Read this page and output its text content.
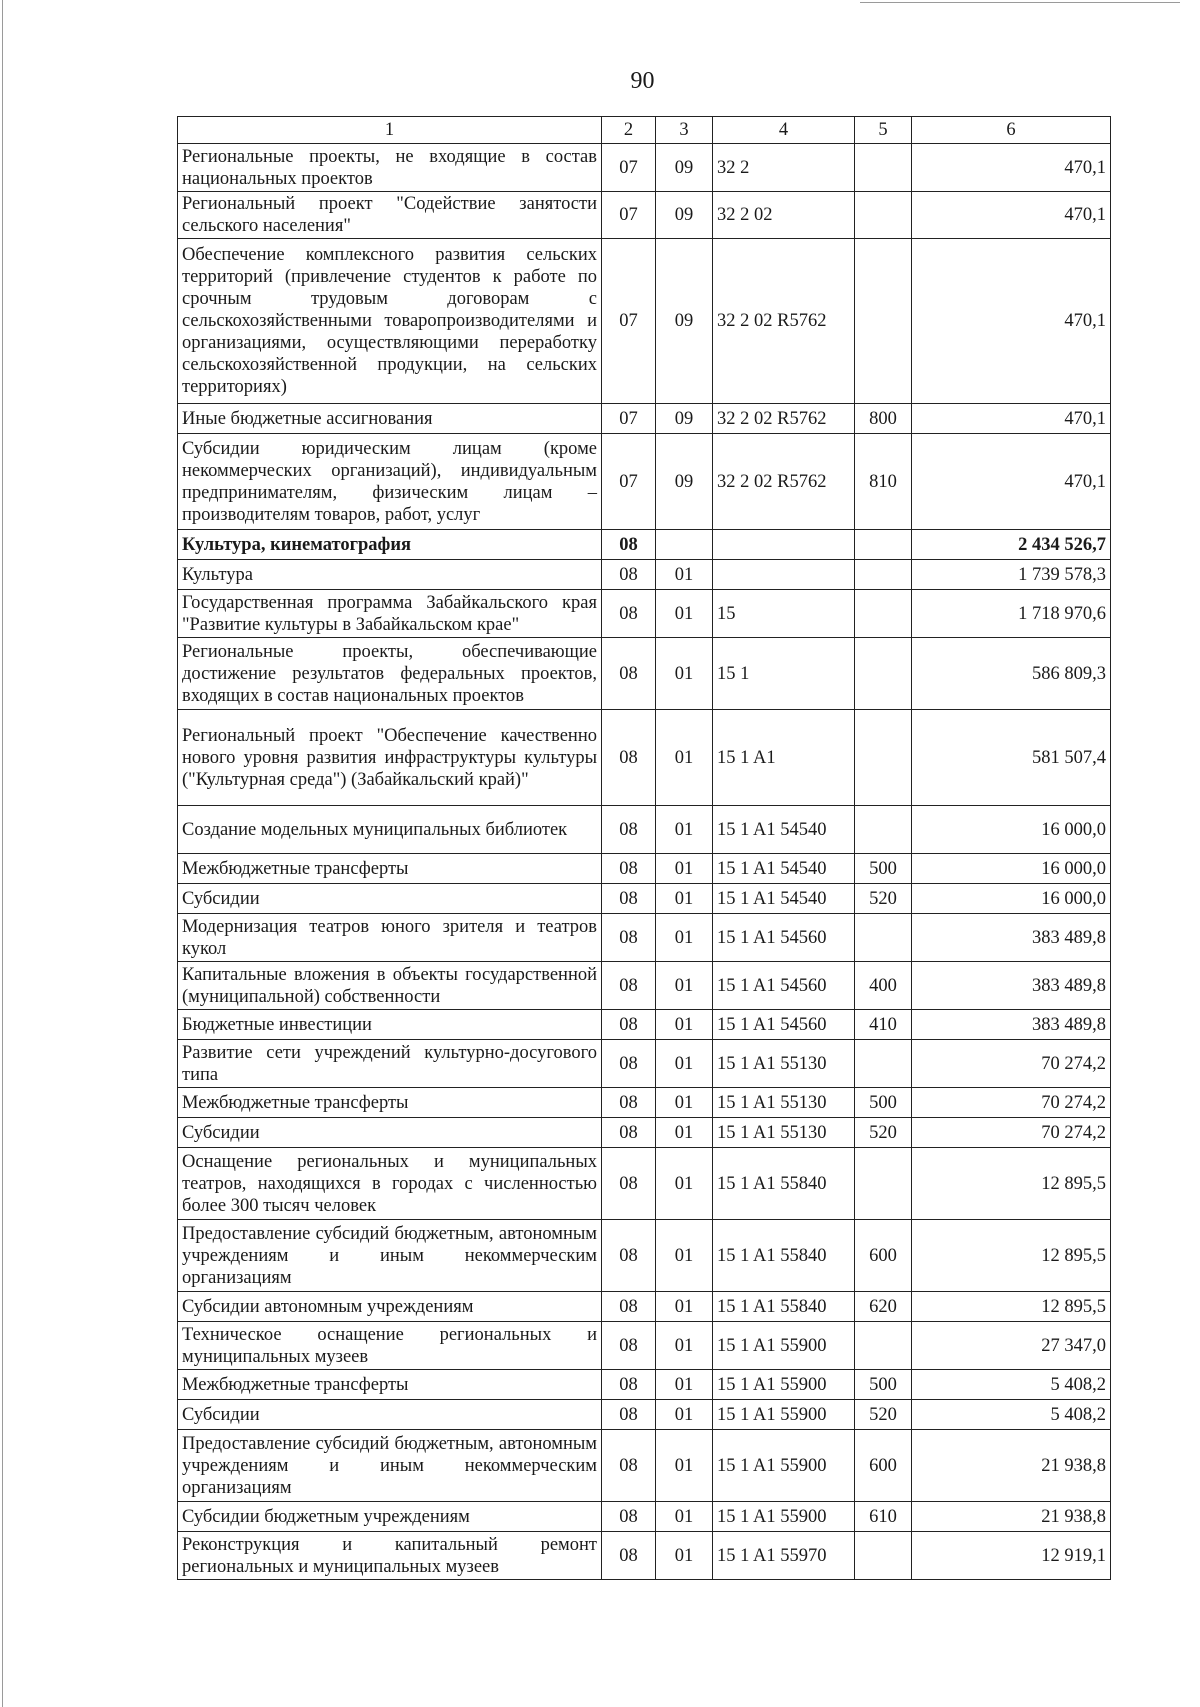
90
1	2	3	4	5	6
Региональные проекты, не входящие в состав национальных проектов	07	09	32 2		470,1
Региональный проект "Содействие занятости сельского населения"	07	09	32 2 02		470,1
Обеспечение комплексного развития сельских территорий (привлечение студентов к работе по срочным трудовым договорам с сельскохозяйственными товаропроизводителями и организациями, осуществляющими переработку сельскохозяйственной продукции, на сельских территориях)	07	09	32 2 02 R5762		470,1
Иные бюджетные ассигнования	07	09	32 2 02 R5762	800	470,1
Субсидии юридическим лицам (кроме некоммерческих организаций), индивидуальным предпринимателям, физическим лицам – производителям товаров, работ, услуг	07	09	32 2 02 R5762	810	470,1
Культура, кинематография	08				2 434 526,7
Культура	08	01			1 739 578,3
Государственная программа Забайкальского края "Развитие культуры в Забайкальском крае"	08	01	15		1 718 970,6
Региональные проекты, обеспечивающие достижение результатов федеральных проектов, входящих в состав национальных проектов	08	01	15 1		586 809,3
Региональный проект "Обеспечение качественно нового уровня развития инфраструктуры культуры ("Культурная среда") (Забайкальский край)"	08	01	15 1 A1		581 507,4
Создание модельных муниципальных библиотек	08	01	15 1 A1 54540		16 000,0
Межбюджетные трансферты	08	01	15 1 A1 54540	500	16 000,0
Субсидии	08	01	15 1 A1 54540	520	16 000,0
Модернизация театров юного зрителя и театров кукол	08	01	15 1 A1 54560		383 489,8
Капитальные вложения в объекты государственной (муниципальной) собственности	08	01	15 1 A1 54560	400	383 489,8
Бюджетные инвестиции	08	01	15 1 A1 54560	410	383 489,8
Развитие сети учреждений культурно-досугового типа	08	01	15 1 A1 55130		70 274,2
Межбюджетные трансферты	08	01	15 1 A1 55130	500	70 274,2
Субсидии	08	01	15 1 A1 55130	520	70 274,2
Оснащение региональных и муниципальных театров, находящихся в городах с численностью более 300 тысяч человек	08	01	15 1 A1 55840		12 895,5
Предоставление субсидий бюджетным, автономным учреждениям и иным некоммерческим организациям	08	01	15 1 A1 55840	600	12 895,5
Субсидии автономным учреждениям	08	01	15 1 A1 55840	620	12 895,5
Техническое оснащение региональных и муниципальных музеев	08	01	15 1 A1 55900		27 347,0
Межбюджетные трансферты	08	01	15 1 A1 55900	500	5 408,2
Субсидии	08	01	15 1 A1 55900	520	5 408,2
Предоставление субсидий бюджетным, автономным учреждениям и иным некоммерческим организациям	08	01	15 1 A1 55900	600	21 938,8
Субсидии бюджетным учреждениям	08	01	15 1 A1 55900	610	21 938,8
Реконструкция и капитальный ремонт региональных и муниципальных музеев	08	01	15 1 A1 55970		12 919,1
